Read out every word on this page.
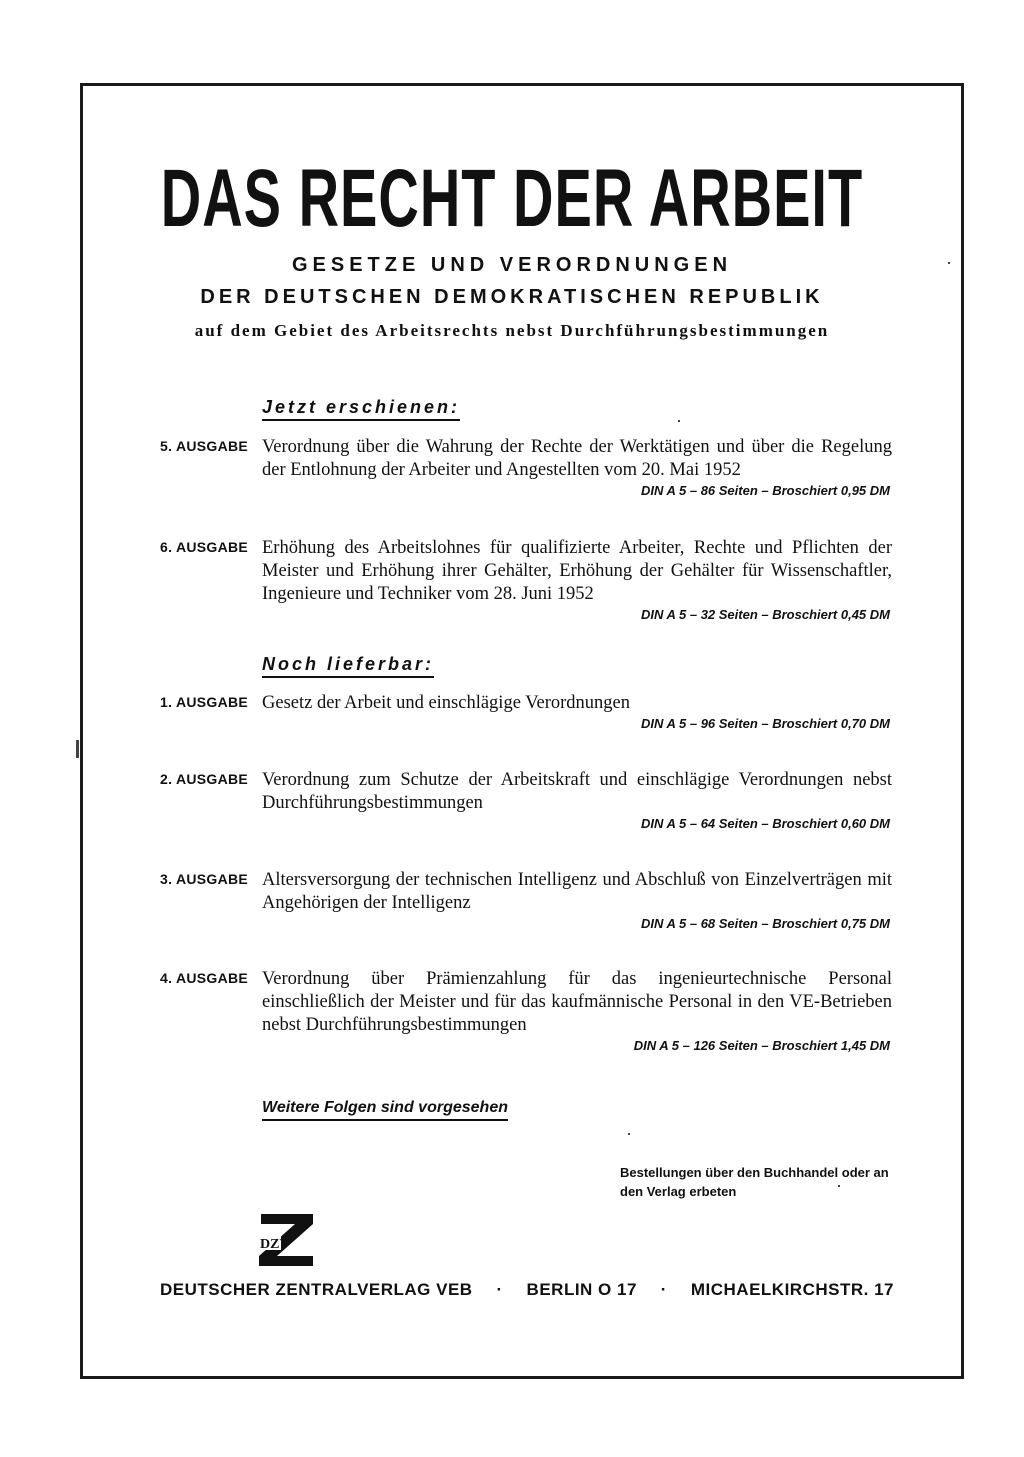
DAS RECHT DER ARBEIT
GESETZE UND VERORDNUNGEN
DER DEUTSCHEN DEMOKRATISCHEN REPUBLIK
auf dem Gebiet des Arbeitsrechts nebst Durchführungsbestimmungen
Jetzt erschienen:
5. AUSGABE Verordnung über die Wahrung der Rechte der Werktätigen und über die Regelung der Entlohnung der Arbeiter und Angestellten vom 20. Mai 1952
DIN A 5 – 86 Seiten – Broschiert 0,95 DM
6. AUSGABE Erhöhung des Arbeitslohnes für qualifizierte Arbeiter, Rechte und Pflichten der Meister und Erhöhung ihrer Gehälter, Erhöhung der Gehälter für Wissenschaftler, Ingenieure und Techniker vom 28. Juni 1952
DIN A 5 – 32 Seiten – Broschiert 0,45 DM
Noch lieferbar:
1. AUSGABE Gesetz der Arbeit und einschlägige Verordnungen
DIN A 5 – 96 Seiten – Broschiert 0,70 DM
2. AUSGABE Verordnung zum Schutze der Arbeitskraft und einschlägige Verordnungen nebst Durchführungsbestimmungen
DIN A 5 – 64 Seiten – Broschiert 0,60 DM
3. AUSGABE Altersversorgung der technischen Intelligenz und Abschluß von Einzelverträgen mit Angehörigen der Intelligenz
DIN A 5 – 68 Seiten – Broschiert 0,75 DM
4. AUSGABE Verordnung über Prämienzahlung für das ingenieurtechnische Personal einschließlich der Meister und für das kaufmännische Personal in den VE-Betrieben nebst Durchführungsbestimmungen
DIN A 5 – 126 Seiten – Broschiert 1,45 DM
Weitere Folgen sind vorgesehen
Bestellungen über den Buchhandel oder an den Verlag erbeten
DZV
DEUTSCHER ZENTRALVERLAG VEB · BERLIN O 17 · MICHAELKIRCHSTR. 17
